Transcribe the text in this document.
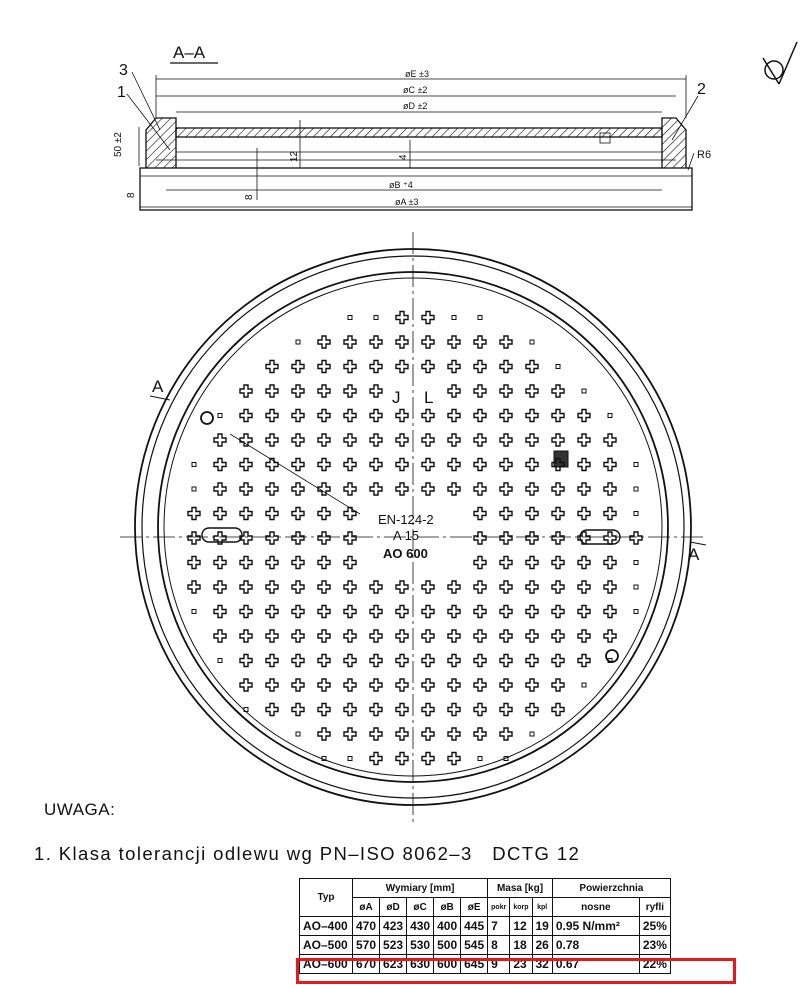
A–A
3
1	2
øE ±3
øC ±2
øD ±2
øB ⁺4
øA ±3
R6
50 ±2	12	4
8	8
A
A
J L
EN-124-2
A 15
AO 600
UWAGA:
1. Klasa tolerancji odlewu wg PN–ISO 8062–3   DCTG 12
Typ	Wymiary [mm]					Masa [kg]			Powierzchnia	
	øA	øD	øC	øB	øE	pokr	korp	kpl	nosne	ryfli
AO–400	470	423	430	400	445	7	12	19	0.95 N/mm²	25%
AO–500	570	523	530	500	545	8	18	26	0.78	23%
AO–600	670	623	630	600	645	9	23	32	0.67	22%
